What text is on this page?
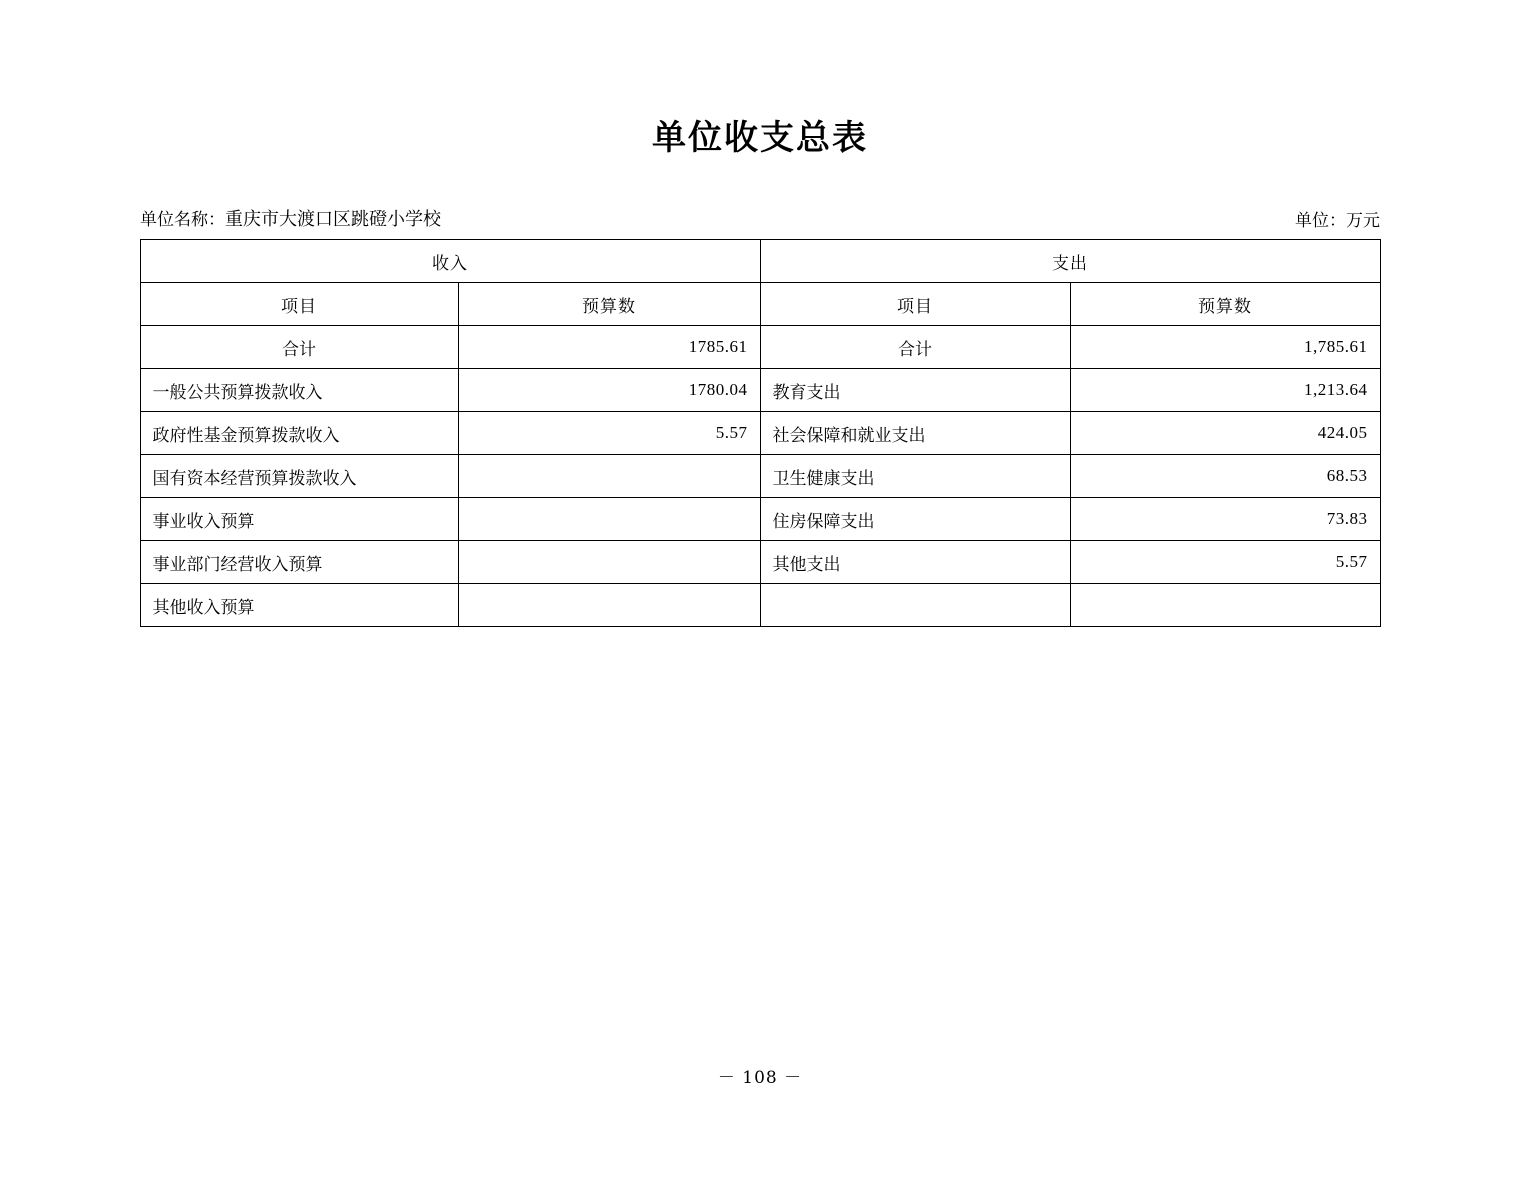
单位收支总表
单位名称：重庆市大渡口区跳磴小学校	单位：万元
收入		支出	
项目	预算数	项目	预算数
合计	1785.61	合计	1,785.61
一般公共预算拨款收入	1780.04	教育支出	1,213.64
政府性基金预算拨款收入	5.57	社会保障和就业支出	424.05
国有资本经营预算拨款收入		卫生健康支出	68.53
事业收入预算		住房保障支出	73.83
事业部门经营收入预算		其他支出	5.57
其他收入预算			
－ 108 －
